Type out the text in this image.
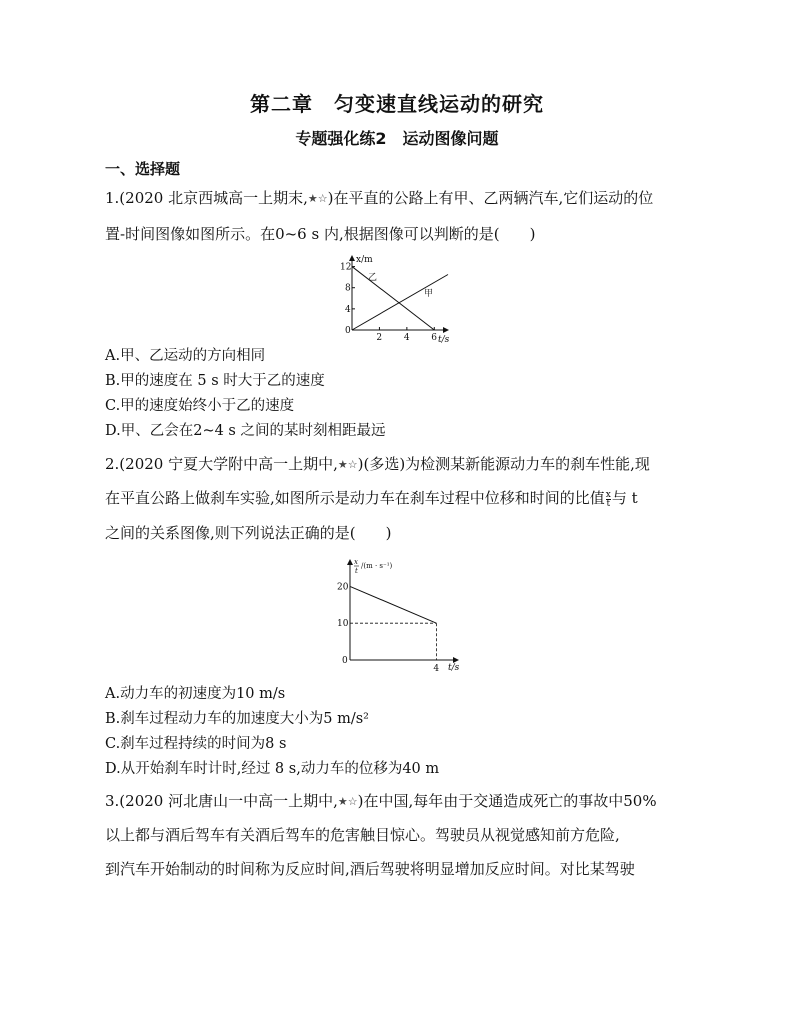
第二章　匀变速直线运动的研究
专题强化练2　运动图像问题
一、选择题
1.(2020 北京西城高一上期末,★☆)在平直的公路上有甲、乙两辆汽车,它们运动的位
置-时间图像如图所示。在0~6 s 内,根据图像可以判断的是(　　)
2 4 6
0
4
8
12
x/m
t/s
乙
甲
A.甲、乙运动的方向相同
B.甲的速度在 5 s 时大于乙的速度
C.甲的速度始终小于乙的速度
D.甲、乙会在2~4 s 之间的某时刻相距最远
2.(2020 宁夏大学附中高一上期中,★☆)(多选)为检测某新能源动力车的刹车性能,现
在平直公路上做刹车实验,如图所示是动力车在刹车过程中位移和时间的比值 $\frac{x}{t}$ 与 t
之间的关系图像,则下列说法正确的是(　　)
4
0
10
20
x
t
/(m · s⁻¹)
t/s
A.动力车的初速度为10 m/s
B.刹车过程动力车的加速度大小为5 m/s²
C.刹车过程持续的时间为8 s
D.从开始刹车时计时,经过 8 s,动力车的位移为40 m
3.(2020 河北唐山一中高一上期中,★☆)在中国,每年由于交通造成死亡的事故中50%
以上都与酒后驾车有关酒后驾车的危害触目惊心。驾驶员从视觉感知前方危险,
到汽车开始制动的时间称为反应时间,酒后驾驶将明显增加反应时间。对比某驾驶
